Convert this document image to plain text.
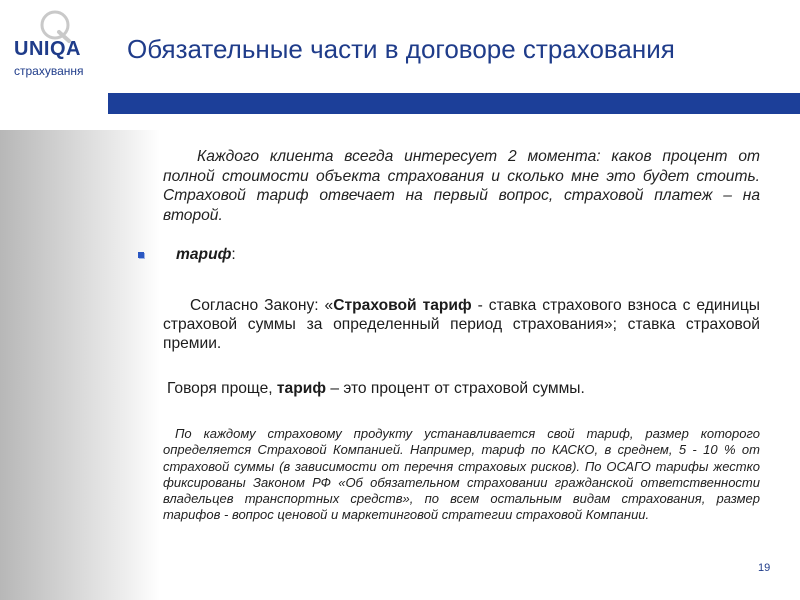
UNIQA

страхування

Обязательные части в договоре страхования

Каждого клиента всегда интересует 2 момента: каков процент от полной стоимости объекта страхования и сколько мне это будет стоить. Страховой тариф отвечает на первый вопрос, страховой платеж – на второй.

тариф:

Согласно Закону: «Страховой тариф - ставка страхового взноса с единицы страховой суммы за определенный период страхования»; ставка страховой премии.

Говоря проще, тариф – это процент от страховой суммы.

По каждому страховому продукту устанавливается свой тариф, размер которого определяется Страховой Компанией. Например, тариф по КАСКО, в среднем, 5 - 10 % от страховой суммы (в зависимости от перечня страховых рисков). По ОСАГО тарифы жестко фиксированы Законом РФ «Об обязательном страховании гражданской ответственности владельцев транспортных средств», по всем остальным видам страхования, размер тарифов - вопрос ценовой и маркетинговой стратегии страховой Компании.

19
